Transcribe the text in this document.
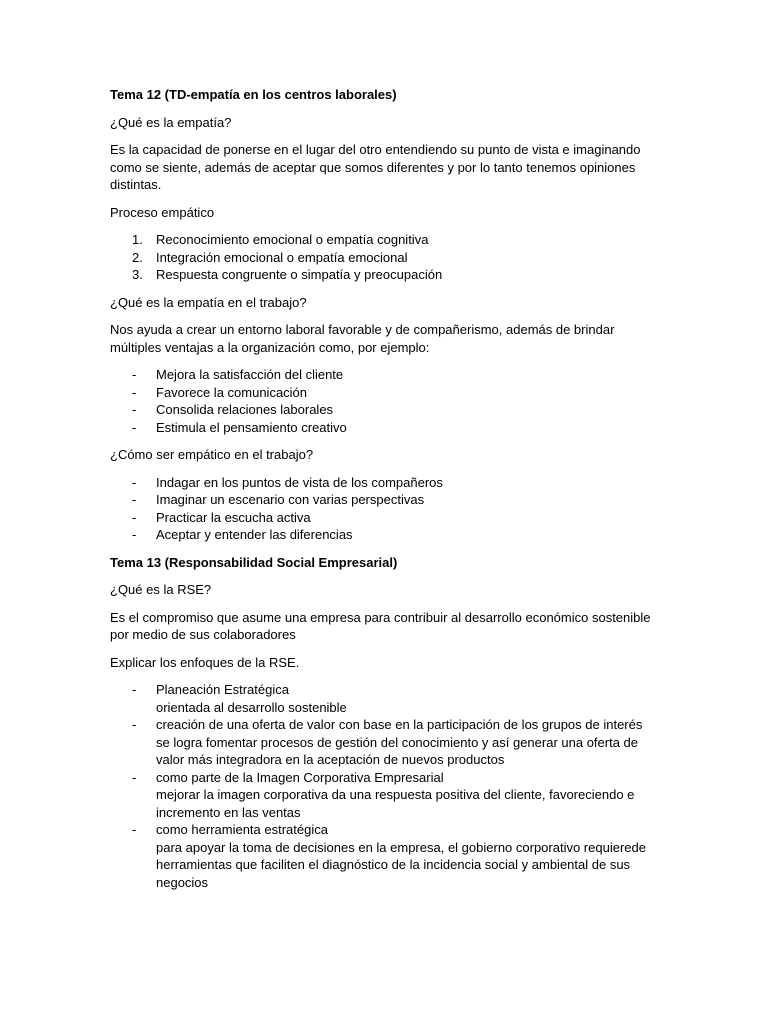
Tema 12 (TD-empatía en los centros laborales)

¿Qué es la empatía?

Es la capacidad de ponerse en el lugar del otro entendiendo su punto de vista e imaginando como se siente, además de aceptar que somos diferentes y por lo tanto tenemos opiniones distintas.

Proceso empático

1. Reconocimiento emocional o empatía cognitiva
2. Integración emocional o empatía emocional
3. Respuesta congruente o simpatía y preocupación

¿Qué es la empatía en el trabajo?

Nos ayuda a crear un entorno laboral favorable y de compañerismo, además de brindar múltiples ventajas a la organización como, por ejemplo:

- Mejora la satisfacción del cliente
- Favorece la comunicación
- Consolida relaciones laborales
- Estimula el pensamiento creativo

¿Cómo ser empático en el trabajo?

- Indagar en los puntos de vista de los compañeros
- Imaginar un escenario con varias perspectivas
- Practicar la escucha activa
- Aceptar y entender las diferencias

Tema 13 (Responsabilidad Social Empresarial)

¿Qué es la RSE?

Es el compromiso que asume una empresa para contribuir al desarrollo económico sostenible por medio de sus colaboradores

Explicar los enfoques de la RSE.

- Planeación Estratégica
orientada al desarrollo sostenible
- creación de una oferta de valor con base en la participación de los grupos de interés
se logra fomentar procesos de gestión del conocimiento y así generar una oferta de valor más integradora en la aceptación de nuevos productos
- como parte de la Imagen Corporativa Empresarial
mejorar la imagen corporativa da una respuesta positiva del cliente, favoreciendo e incremento en las ventas
- como herramienta estratégica
para apoyar la toma de decisiones en la empresa, el gobierno corporativo requierede herramientas que faciliten el diagnóstico de la incidencia social y ambiental de sus negocios
